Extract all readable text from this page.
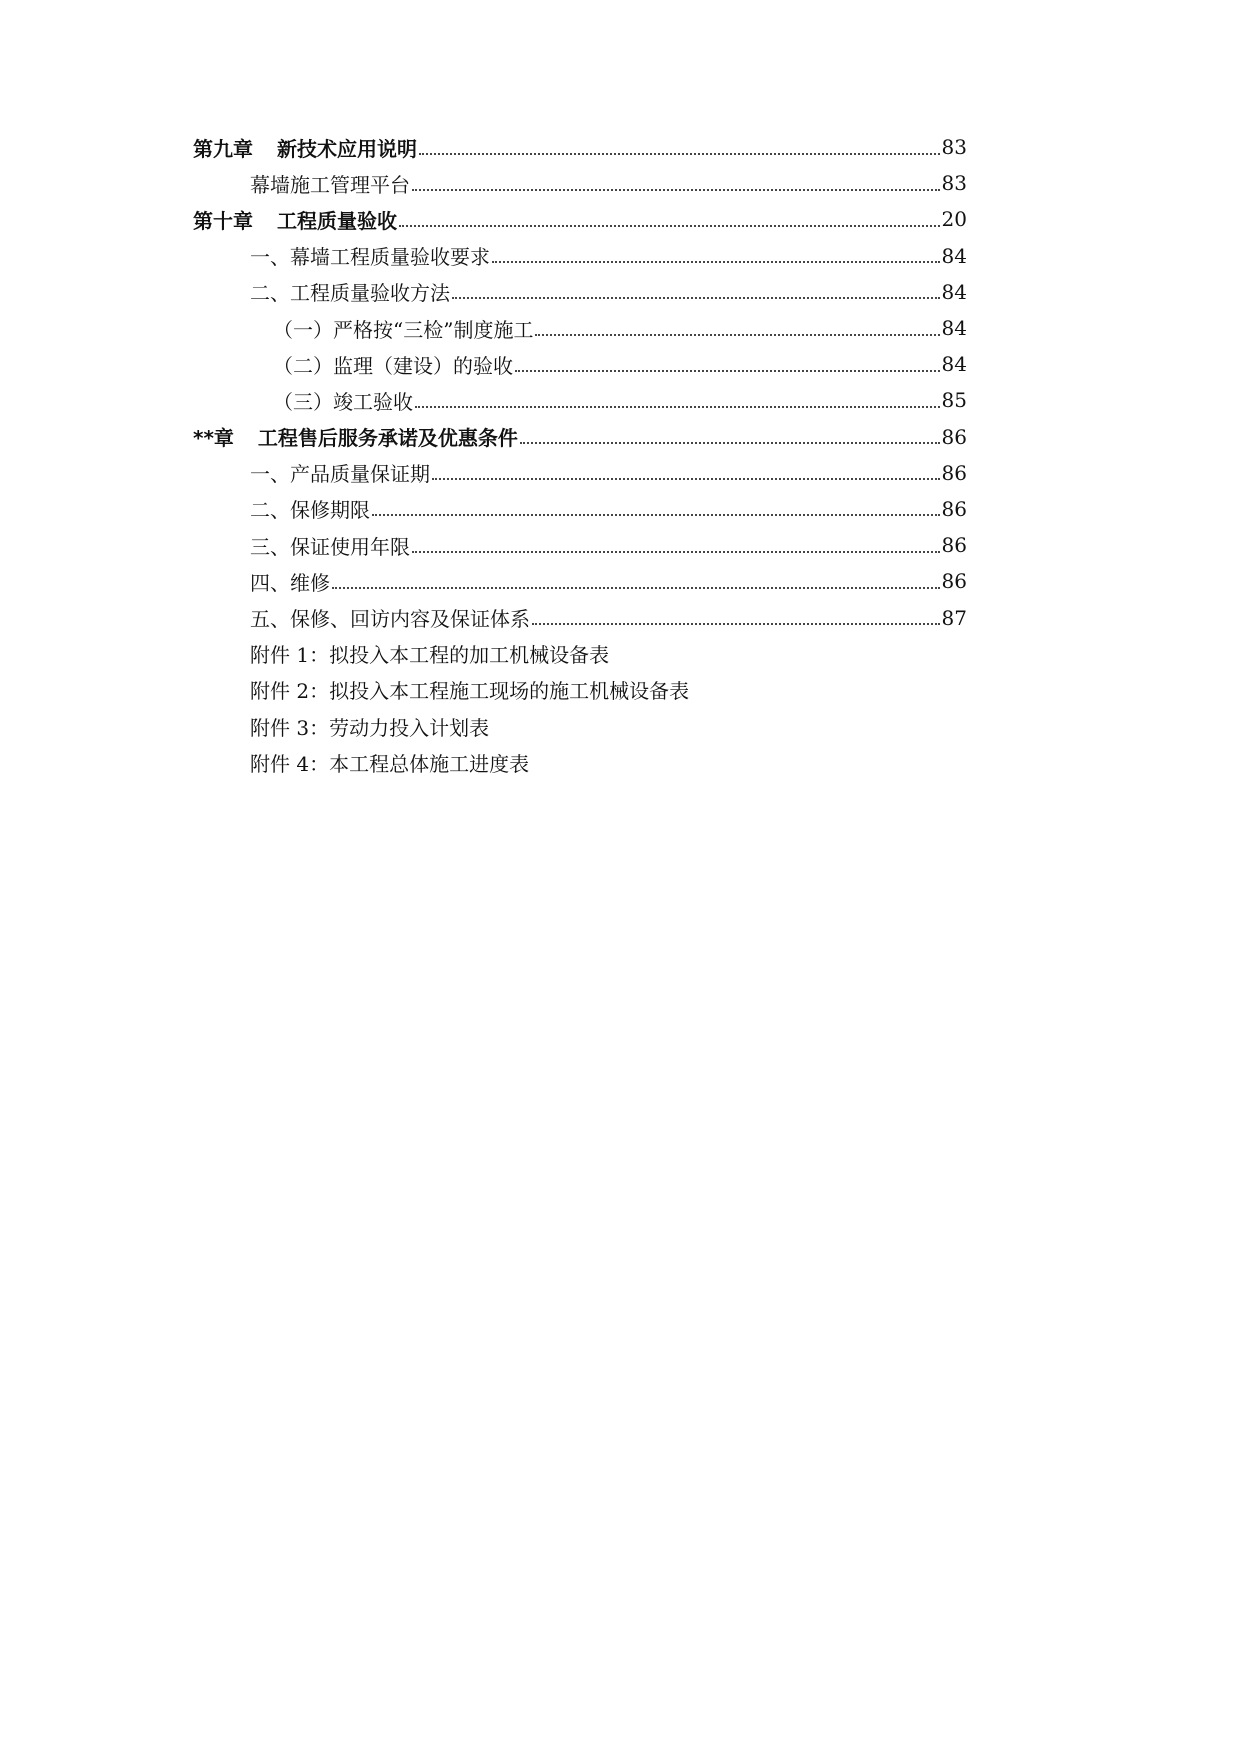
第九章 新技术应用说明	83
幕墙施工管理平台	83
第十章 工程质量验收	20
一、幕墙工程质量验收要求	84
二、工程质量验收方法	84
（一）严格按“三检”制度施工	84
（二）监理（建设）的验收	84
（三）竣工验收	85
**章 工程售后服务承诺及优惠条件	86
一、产品质量保证期	86
二、保修期限	86
三、保证使用年限	86
四、维修	86
五、保修、回访内容及保证体系	87
附件 1：拟投入本工程的加工机械设备表
附件 2：拟投入本工程施工现场的施工机械设备表
附件 3：劳动力投入计划表
附件 4：本工程总体施工进度表
